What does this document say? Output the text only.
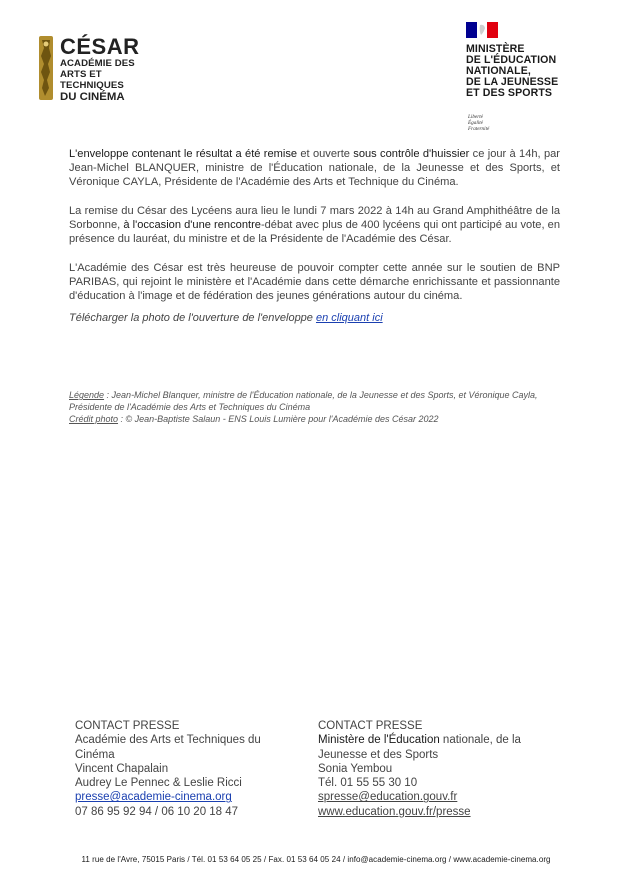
CÉSAR
ACADÉMIE DES
ARTS ET TECHNIQUES
DU CINÉMA
MINISTÈRE
DE L'ÉDUCATION
NATIONALE,
DE LA JEUNESSE
ET DES SPORTS
Liberté
Égalité
Fraternité

L'enveloppe contenant le résultat a été remise et ouverte sous contrôle d'huissier ce jour à 14h, par Jean-Michel BLANQUER, ministre de l'Éducation nationale, de la Jeunesse et des Sports, et Véronique CAYLA, Présidente de l'Académie des Arts et Technique du Cinéma.

La remise du César des Lycéens aura lieu le lundi 7 mars 2022 à 14h au Grand Amphithéâtre de la Sorbonne, à l'occasion d'une rencontre-débat avec plus de 400 lycéens qui ont participé au vote, en présence du lauréat, du ministre et de la Présidente de l'Académie des César.

L'Académie des César est très heureuse de pouvoir compter cette année sur le soutien de BNP PARIBAS, qui rejoint le ministère et l'Académie dans cette démarche enrichissante et passionnante d'éducation à l'image et de fédération des jeunes générations autour du cinéma.

Télécharger la photo de l'ouverture de l'enveloppe en cliquant ici
Légende : Jean-Michel Blanquer, ministre de l'Éducation nationale, de la Jeunesse et des Sports, et Véronique Cayla, Présidente de l'Académie des Arts et Techniques du Cinéma
Crédit photo : © Jean-Baptiste Salaun - ENS Louis Lumière pour l'Académie des César 2022
CONTACT PRESSE
Académie des Arts et Techniques du
Cinéma
Vincent Chapalain
Audrey Le Pennec & Leslie Ricci
presse@academie-cinema.org
07 86 95 92 94 / 06 10 20 18 47
CONTACT PRESSE
Ministère de l'Éducation nationale, de la
Jeunesse et des Sports
Sonia Yembou
Tél. 01 55 55 30 10
spresse@education.gouv.fr
www.education.gouv.fr/presse
11 rue de l'Avre, 75015 Paris / Tél. 01 53 64 05 25 / Fax. 01 53 64 05 24 / info@academie-cinema.org / www.academie-cinema.org
